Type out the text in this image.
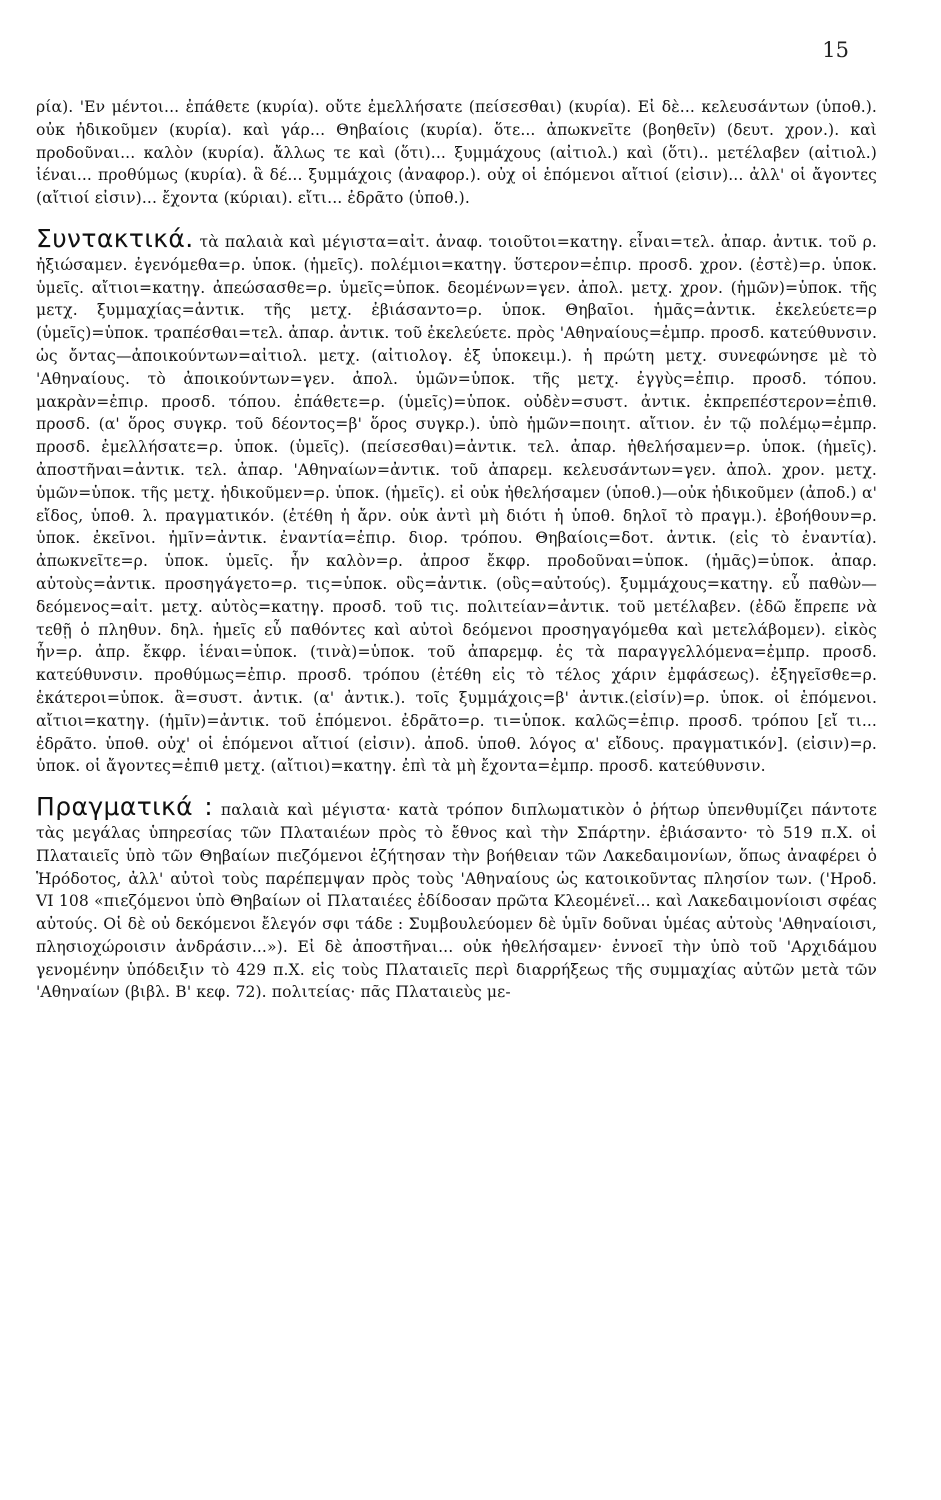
15

ρία). 'Εν μέντοι... ἐπάθετε (κυρία). οὔτε ἐμελλήσατε (πείσεσθαι) (κυρία). Εἰ δὲ... κελευσάντων (ὑποθ.). οὐκ ἠδικοῦμεν (κυρία). καὶ γάρ... Θηβαίοις (κυρία). ὅτε... ἀπωκνεῖτε (βοηθεῖν) (δευτ. χρον.). καὶ προδοῦναι... καλὸν (κυρία). ἄλλως τε καὶ (ὅτι)... ξυμμάχους (αἰτιολ.) καὶ (ὅτι).. μετέλαβεν (αἰτιολ.) ἰέναι... προθύμως (κυρία). ἃ δέ... ξυμμάχοις (ἀναφορ.). οὐχ οἱ ἑπόμενοι αἴτιοί (εἰσιν)... ἀλλ' οἱ ἄγοντες (αἴτιοί εἰσιν)... ἔχοντα (κύριαι). εἴτι... ἐδρᾶτο (ὑποθ.).

Συντακτικά. τὰ παλαιὰ καὶ μέγιστα=αἰτ. ἀναφ. τοιοῦτοι=κατηγ. εἶναι=τελ. ἀπαρ. ἀντικ. τοῦ ρ. ἠξιώσαμεν. ἐγενόμεθα=ρ. ὑποκ. (ἡμεῖς). πολέμιοι=κατηγ. ὕστερον=ἐπιρ. προσδ. χρον. (ἐστὲ)=ρ. ὑποκ. ὑμεῖς. αἴτιοι=κατηγ. ἀπεώσασθε=ρ. ὑμεῖς=ὑποκ. δεομένων=γεν. ἀπολ. μετχ. χρον. (ἡμῶν)=ὑποκ. τῆς μετχ. ξυμμαχίας=ἀντικ. τῆς μετχ. ἐβιάσαντο=ρ. ὑποκ. Θηβαῖοι. ἡμᾶς=ἀντικ. ἐκελεύετε=ρ (ὑμεῖς)=ὑποκ. τραπέσθαι=τελ. ἀπαρ. ἀντικ. τοῦ ἐκελεύετε. πρὸς 'Αθηναίους=ἐμπρ. προσδ. κατεύθυνσιν. ὡς ὄντας—ἀποικούντων=αἰτιολ. μετχ. (αἰτιολογ. ἐξ ὑποκειμ.). ἡ πρώτη μετχ. συνεφώνησε μὲ τὸ 'Αθηναίους. τὸ ἀποικούντων=γεν. ἀπολ. ὑμῶν=ὑποκ. τῆς μετχ. ἐγγὺς=ἐπιρ. προσδ. τόπου. μακρὰν=ἐπιρ. προσδ. τόπου. ἐπάθετε=ρ. (ὑμεῖς)=ὑποκ. οὐδὲν=συστ. ἀντικ. ἐκπρεπέστερον=ἐπιθ. προσδ. (α' ὅρος συγκρ. τοῦ δέοντος=β' ὅρος συγκρ.). ὑπὸ ἡμῶν=ποιητ. αἴτιον. ἐν τῷ πολέμῳ=ἐμπρ. προσδ. ἐμελλήσατε=ρ. ὑποκ. (ὑμεῖς). (πείσεσθαι)=ἀντικ. τελ. ἀπαρ. ἠθελήσαμεν=ρ. ὑποκ. (ἡμεῖς). ἀποστῆναι=ἀντικ. τελ. ἀπαρ. 'Αθηναίων=ἀντικ. τοῦ ἀπαρεμ. κελευσάντων=γεν. ἀπολ. χρον. μετχ. ὑμῶν=ὑποκ. τῆς μετχ. ἠδικοῦμεν=ρ. ὑποκ. (ἡμεῖς). εἰ οὐκ ἠθελήσαμεν (ὑποθ.)—οὐκ ἠδικοῦμεν (ἀποδ.) α' εἴδος, ὑποθ. λ. πραγματικόν. (ἐτέθη ἡ ἄρν. οὐκ ἀντὶ μὴ διότι ἡ ὑποθ. δηλοῖ τὸ πραγμ.). ἐβοήθουν=ρ. ὑποκ. ἐκεῖνοι. ἡμῖν=ἀντικ. ἐναντία=ἐπιρ. διορ. τρόπου. Θηβαίοις=δοτ. ἀντικ. (εἰς τὸ ἐναντία). ἀπωκνεῖτε=ρ. ὑποκ. ὑμεῖς. ἦν καλὸν=ρ. ἀπροσ ἔκφρ. προδοῦναι=ὑποκ. (ἡμᾶς)=ὑποκ. ἀπαρ. αὐτοὺς=ἀντικ. προσηγάγετο=ρ. τις=ὑποκ. οὓς=ἀντικ. (οὓς=αὐτούς). ξυμμάχους=κατηγ. εὖ παθὼν—δεόμενος=αἰτ. μετχ. αὐτὸς=κατηγ. προσδ. τοῦ τις. πολιτείαν=ἀντικ. τοῦ μετέλαβεν. (ἐδῶ ἔπρεπε νὰ τεθῇ ὁ πληθυν. δηλ. ἡμεῖς εὖ παθόντες καὶ αὐτοὶ δεόμενοι προσηγαγόμεθα καὶ μετελάβομεν). εἰκὸς ἦν=ρ. ἀπρ. ἔκφρ. ἰέναι=ὑποκ. (τινὰ)=ὑποκ. τοῦ ἀπαρεμφ. ἐς τὰ παραγγελλόμενα=ἐμπρ. προσδ. κατεύθυνσιν. προθύμως=ἐπιρ. προσδ. τρόπου (ἐτέθη εἰς τὸ τέλος χάριν ἐμφάσεως). ἐξηγεῖσθε=ρ. ἑκάτεροι=ὑποκ. ἃ=συστ. ἀντικ. (α' ἀντικ.). τοῖς ξυμμάχοις=β' ἀντικ.(εἰσίν)=ρ. ὑποκ. οἱ ἑπόμενοι. αἴτιοι=κατηγ. (ἡμῖν)=ἀντικ. τοῦ ἑπόμενοι. ἐδρᾶτο=ρ. τι=ὑποκ. καλῶς=ἐπιρ. προσδ. τρόπου [εἴ τι... ἐδρᾶτο. ὑποθ. οὐχ' οἱ ἑπόμενοι αἴτιοί (εἰσιν). ἀποδ. ὑποθ. λόγος α' εἴδους. πραγματικόν]. (εἰσιν)=ρ. ὑποκ. οἱ ἄγοντες=ἐπιθ μετχ. (αἴτιοι)=κατηγ. ἐπὶ τὰ μὴ ἔχοντα=ἐμπρ. προσδ. κατεύθυνσιν.

Πραγματικά : παλαιὰ καὶ μέγιστα· κατὰ τρόπον διπλωματικὸν ὁ ῥήτωρ ὑπενθυμίζει πάντοτε τὰς μεγάλας ὑπηρεσίας τῶν Πλαταιέων πρὸς τὸ ἔθνος καὶ τὴν Σπάρτην. ἐβιάσαντο· τὸ 519 π.Χ. οἱ Πλαταιεῖς ὑπὸ τῶν Θηβαίων πιεζόμενοι ἐζήτησαν τὴν βοήθειαν τῶν Λακεδαιμονίων, ὅπως ἀναφέρει ὁ Ἡρόδοτος, ἀλλ' αὐτοὶ τοὺς παρέπεμψαν πρὸς τοὺς 'Αθηναίους ὡς κατοικοῦντας πλησίον των. ('Ηροδ. VI 108 «πιεζόμενοι ὑπὸ Θηβαίων οἱ Πλαταιέες ἐδίδοσαν πρῶτα Κλεομένεϊ... καὶ Λακεδαιμονίοισι σφέας αὐτούς. Οἱ δὲ οὐ δεκόμενοι ἔλεγόν σφι τάδε : Συμβουλεύομεν δὲ ὑμῖν δοῦναι ὑμέας αὐτοὺς 'Αθηναίοισι, πλησιοχώροισιν ἀνδράσιν...»). Εἰ δὲ ἀποστῆναι... οὐκ ἠθελήσαμεν· ἐννοεῖ τὴν ὑπὸ τοῦ 'Αρχιδάμου γενομένην ὑπόδειξιν τὸ 429 π.Χ. εἰς τοὺς Πλαταιεῖς περὶ διαρρήξεως τῆς συμμαχίας αὐτῶν μετὰ τῶν 'Αθηναίων (βιβλ. Β' κεφ. 72). πολιτείας· πᾶς Πλαταιεὺς με-
